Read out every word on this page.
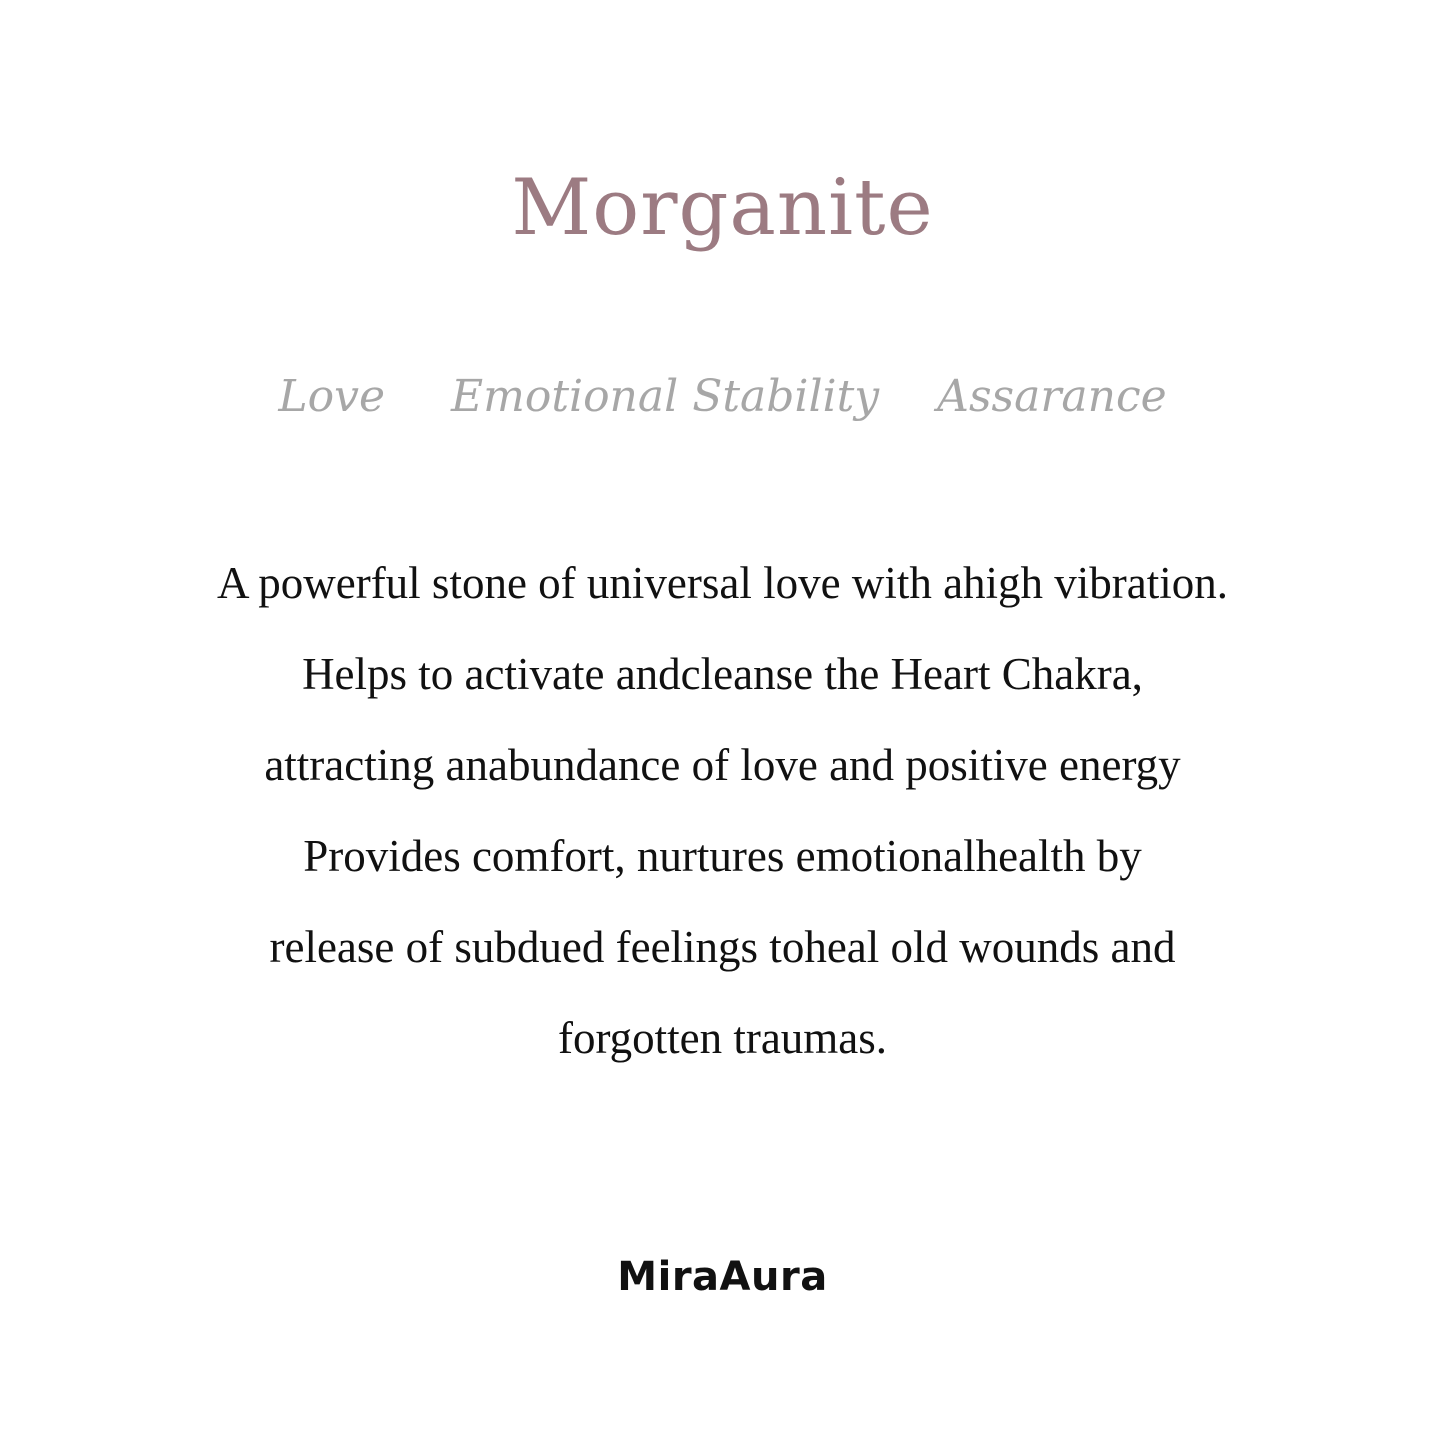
Morganite
Love Emotional Stability Assarance
A powerful stone of universal love with ahigh vibration.
Helps to activate andcleanse the Heart Chakra,
attracting anabundance of love and positive energy
Provides comfort, nurtures emotionalhealth by
release of subdued feelings toheal old wounds and
forgotten traumas.
MiraAura
